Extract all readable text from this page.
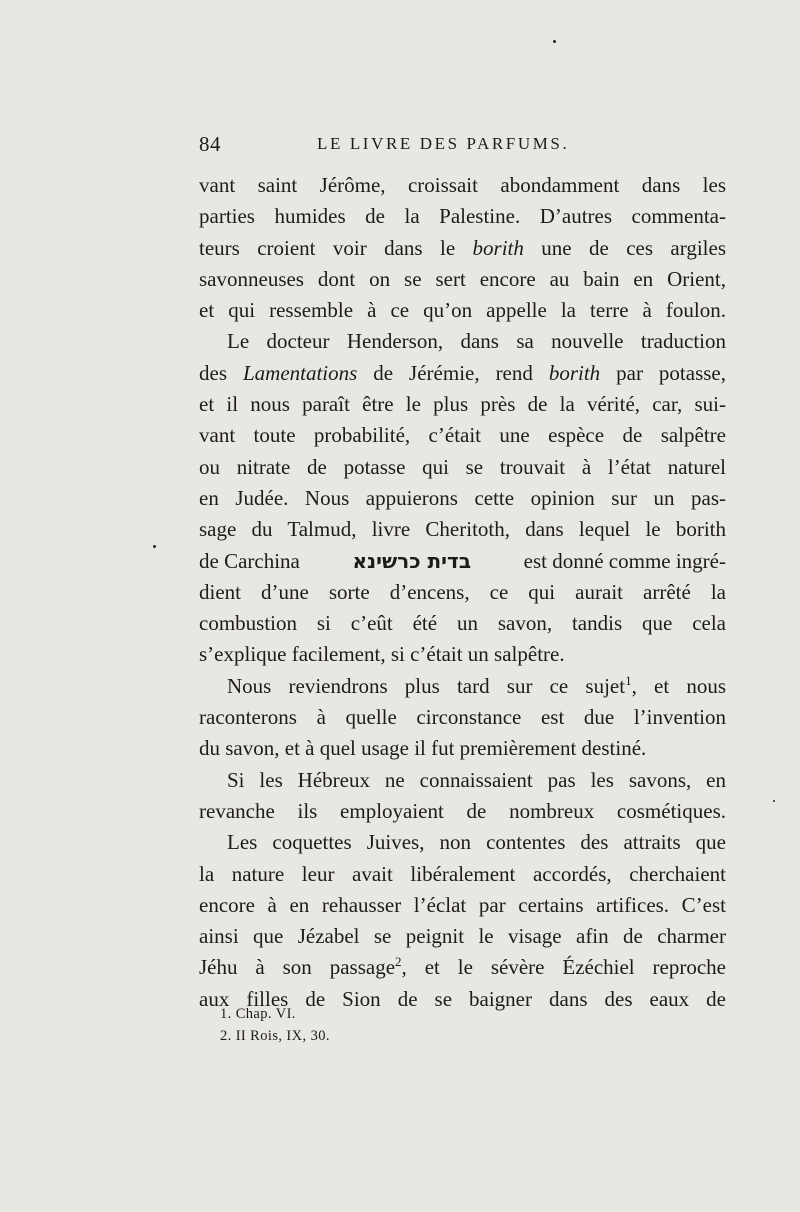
84	LE LIVRE DES PARFUMS.
vant saint Jérôme, croissait abondamment dans les
parties humides de la Palestine. D’autres commenta-
teurs croient voir dans le borith une de ces argiles
savonneuses dont on se sert encore au bain en Orient,
et qui ressemble à ce qu’on appelle la terre à foulon.
Le docteur Henderson, dans sa nouvelle traduction
des Lamentations de Jérémie, rend borith par potasse,
et il nous paraît être le plus près de la vérité, car, sui-
vant toute probabilité, c’était une espèce de salpêtre
ou nitrate de potasse qui se trouvait à l’état naturel
en Judée. Nous appuierons cette opinion sur un pas-
sage du Talmud, livre Cheritoth, dans lequel le borith
de Carchina	בדית כרשינא	est donné comme ingré-
dient d’une sorte d’encens, ce qui aurait arrêté la
combustion si c’eût été un savon, tandis que cela
s’explique facilement, si c’était un salpêtre.
Nous reviendrons plus tard sur ce sujet$^1$, et nous
raconterons à quelle circonstance est due l’invention
du savon, et à quel usage il fut premièrement destiné.
Si les Hébreux ne connaissaient pas les savons, en
revanche ils employaient de nombreux cosmétiques.
Les coquettes Juives, non contentes des attraits que
la nature leur avait libéralement accordés, cherchaient
encore à en rehausser l’éclat par certains artifices. C’est
ainsi que Jézabel se peignit le visage afin de charmer
Jéhu à son passage$^2$, et le sévère Ézéchiel reproche
aux filles de Sion de se baigner dans des eaux de
1. Chap. VI.
2. II Rois, IX, 30.
